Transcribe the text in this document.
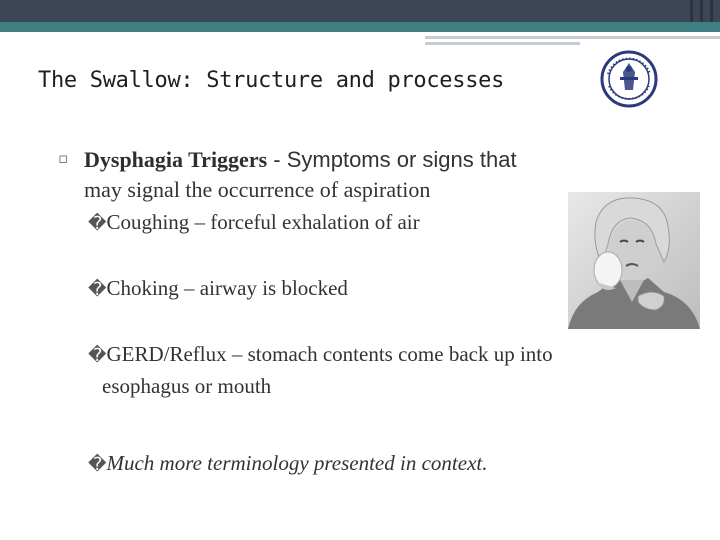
The Swallow: Structure and processes
▫ Dysphagia Triggers - Symptoms or signs that
may signal the occurrence of aspiration
�Coughing – forceful exhalation of air
�Choking – airway is blocked
�GERD/Reflux – stomach contents come back up into
esophagus or mouth
�Much more terminology presented in context.
